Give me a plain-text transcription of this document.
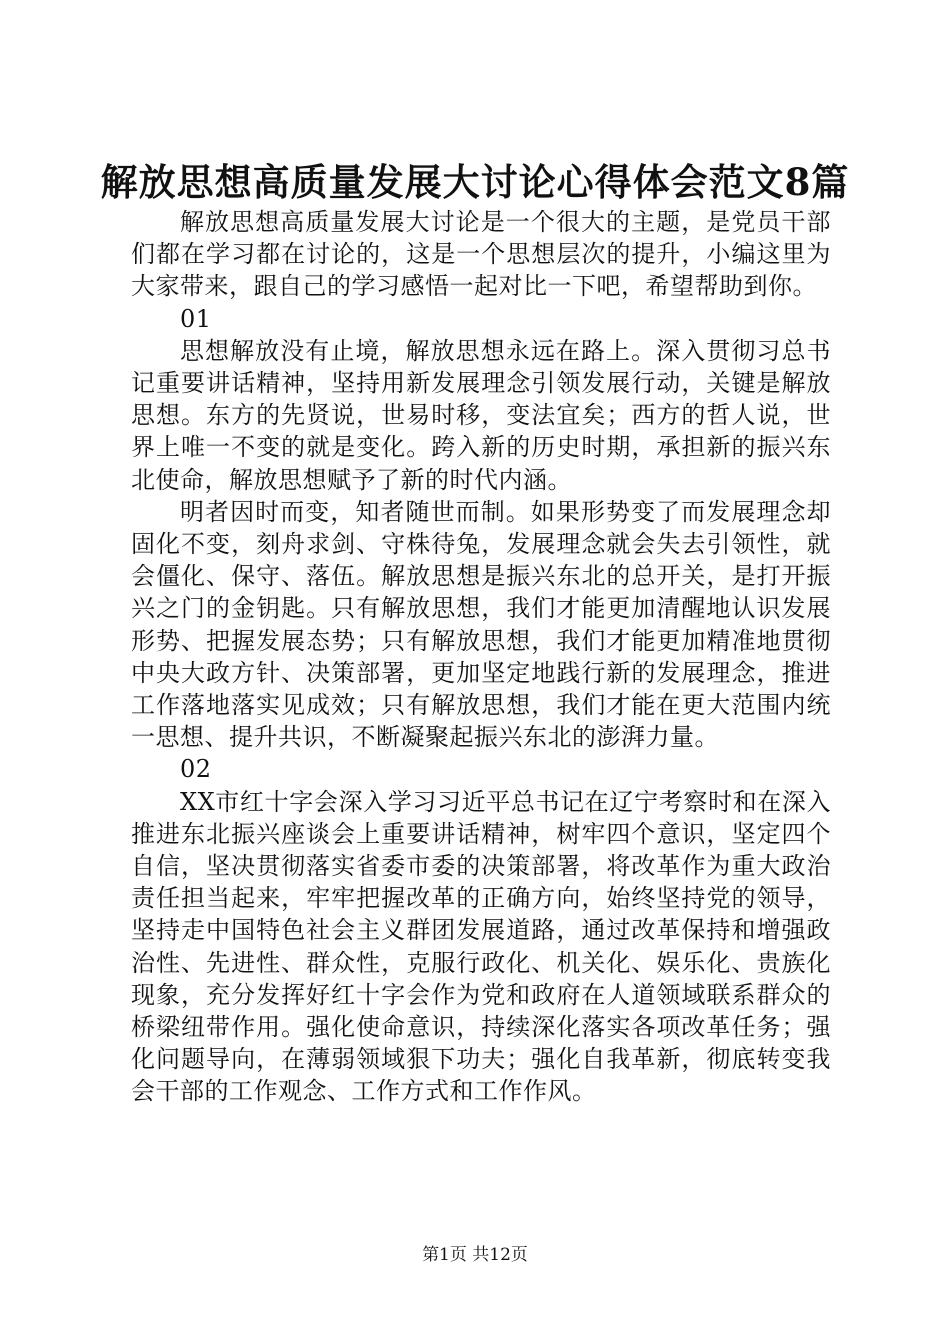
解放思想高质量发展大讨论心得体会范文8篇

解放思想高质量发展大讨论是一个很大的主题，是党员干部们都在学习都在讨论的，这是一个思想层次的提升，小编这里为大家带来，跟自己的学习感悟一起对比一下吧，希望帮助到你。

01

思想解放没有止境，解放思想永远在路上。深入贯彻习总书记重要讲话精神，坚持用新发展理念引领发展行动，关键是解放思想。东方的先贤说，世易时移，变法宜矣；西方的哲人说，世界上唯一不变的就是变化。跨入新的历史时期，承担新的振兴东北使命，解放思想赋予了新的时代内涵。

明者因时而变，知者随世而制。如果形势变了而发展理念却固化不变，刻舟求剑、守株待兔，发展理念就会失去引领性，就会僵化、保守、落伍。解放思想是振兴东北的总开关，是打开振兴之门的金钥匙。只有解放思想，我们才能更加清醒地认识发展形势、把握发展态势；只有解放思想，我们才能更加精准地贯彻中央大政方针、决策部署，更加坚定地践行新的发展理念，推进工作落地落实见成效；只有解放思想，我们才能在更大范围内统一思想、提升共识，不断凝聚起振兴东北的澎湃力量。

02

XX市红十字会深入学习习近平总书记在辽宁考察时和在深入推进东北振兴座谈会上重要讲话精神，树牢四个意识，坚定四个自信，坚决贯彻落实省委市委的决策部署，将改革作为重大政治责任担当起来，牢牢把握改革的正确方向，始终坚持党的领导，坚持走中国特色社会主义群团发展道路，通过改革保持和增强政治性、先进性、群众性，克服行政化、机关化、娱乐化、贵族化现象，充分发挥好红十字会作为党和政府在人道领域联系群众的桥梁纽带作用。强化使命意识，持续深化落实各项改革任务；强化问题导向，在薄弱领域狠下功夫；强化自我革新，彻底转变我会干部的工作观念、工作方式和工作作风。

第1页 共12页
